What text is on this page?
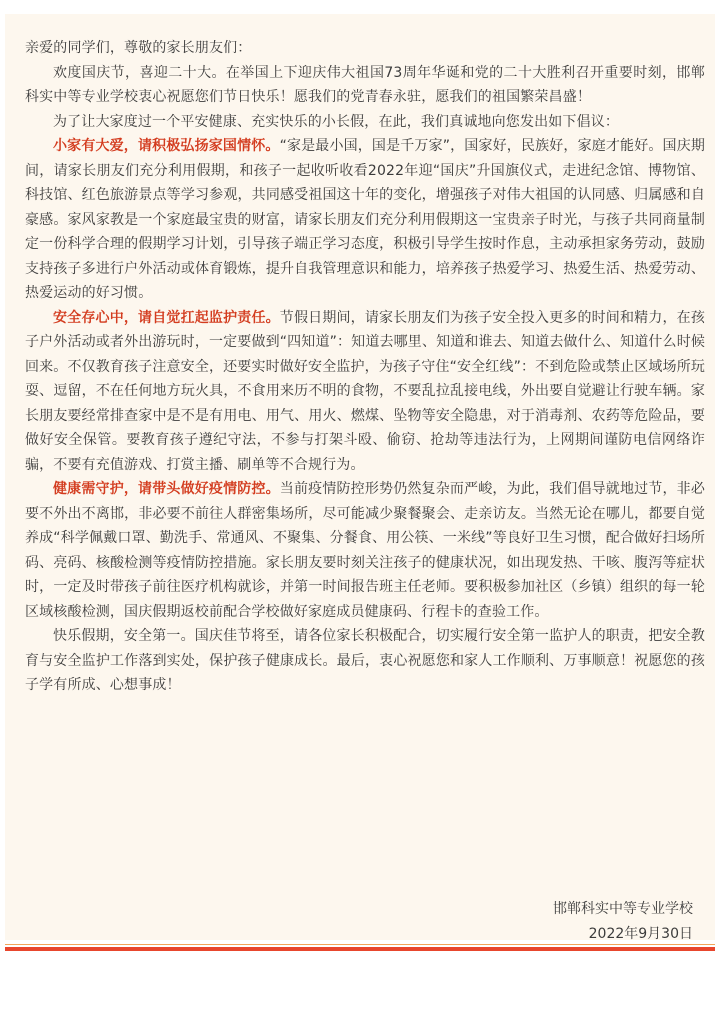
亲爱的同学们，尊敬的家长朋友们：

欢度国庆节，喜迎二十大。在举国上下迎庆伟大祖国73周年华诞和党的二十大胜利召开重要时刻，邯郸科实中等专业学校衷心祝愿您们节日快乐！愿我们的党青春永驻，愿我们的祖国繁荣昌盛！

为了让大家度过一个平安健康、充实快乐的小长假，在此，我们真诚地向您发出如下倡议：

小家有大爱，请积极弘扬家国情怀。“家是最小国，国是千万家”，国家好，民族好，家庭才能好。国庆期间，请家长朋友们充分利用假期，和孩子一起收听收看2022年迎“国庆”升国旗仪式，走进纪念馆、博物馆、科技馆、红色旅游景点等学习参观，共同感受祖国这十年的变化，增强孩子对伟大祖国的认同感、归属感和自豪感。家风家教是一个家庭最宝贵的财富，请家长朋友们充分利用假期这一宝贵亲子时光，与孩子共同商量制定一份科学合理的假期学习计划，引导孩子端正学习态度，积极引导学生按时作息，主动承担家务劳动，鼓励支持孩子多进行户外活动或体育锻炼，提升自我管理意识和能力，培养孩子热爱学习、热爱生活、热爱劳动、热爱运动的好习惯。

安全存心中，请自觉扛起监护责任。节假日期间，请家长朋友们为孩子安全投入更多的时间和精力，在孩子户外活动或者外出游玩时，一定要做到“四知道”：知道去哪里、知道和谁去、知道去做什么、知道什么时候回来。不仅教育孩子注意安全，还要实时做好安全监护，为孩子守住“安全红线”：不到危险或禁止区域场所玩耍、逗留，不在任何地方玩火具，不食用来历不明的食物，不要乱拉乱接电线，外出要自觉避让行驶车辆。家长朋友要经常排查家中是不是有用电、用气、用火、燃煤、坠物等安全隐患，对于消毒剂、农药等危险品，要做好安全保管。要教育孩子遵纪守法，不参与打架斗殴、偷窃、抢劫等违法行为，上网期间谨防电信网络诈骗，不要有充值游戏、打赏主播、刷单等不合规行为。

健康需守护，请带头做好疫情防控。当前疫情防控形势仍然复杂而严峻，为此，我们倡导就地过节，非必要不外出不离邯，非必要不前往人群密集场所，尽可能减少聚餐聚会、走亲访友。当然无论在哪儿，都要自觉养成“科学佩戴口罩、勤洗手、常通风、不聚集、分餐食、用公筷、一米线”等良好卫生习惯，配合做好扫场所码、亮码、核酸检测等疫情防控措施。家长朋友要时刻关注孩子的健康状况，如出现发热、干咳、腹泻等症状时，一定及时带孩子前往医疗机构就诊，并第一时间报告班主任老师。要积极参加社区（乡镇）组织的每一轮区域核酸检测，国庆假期返校前配合学校做好家庭成员健康码、行程卡的查验工作。

快乐假期，安全第一。国庆佳节将至，请各位家长积极配合，切实履行安全第一监护人的职责，把安全教育与安全监护工作落到实处，保护孩子健康成长。最后，衷心祝愿您和家人工作顺利、万事顺意！祝愿您的孩子学有所成、心想事成！

邯郸科实中等专业学校
2022年9月30日
